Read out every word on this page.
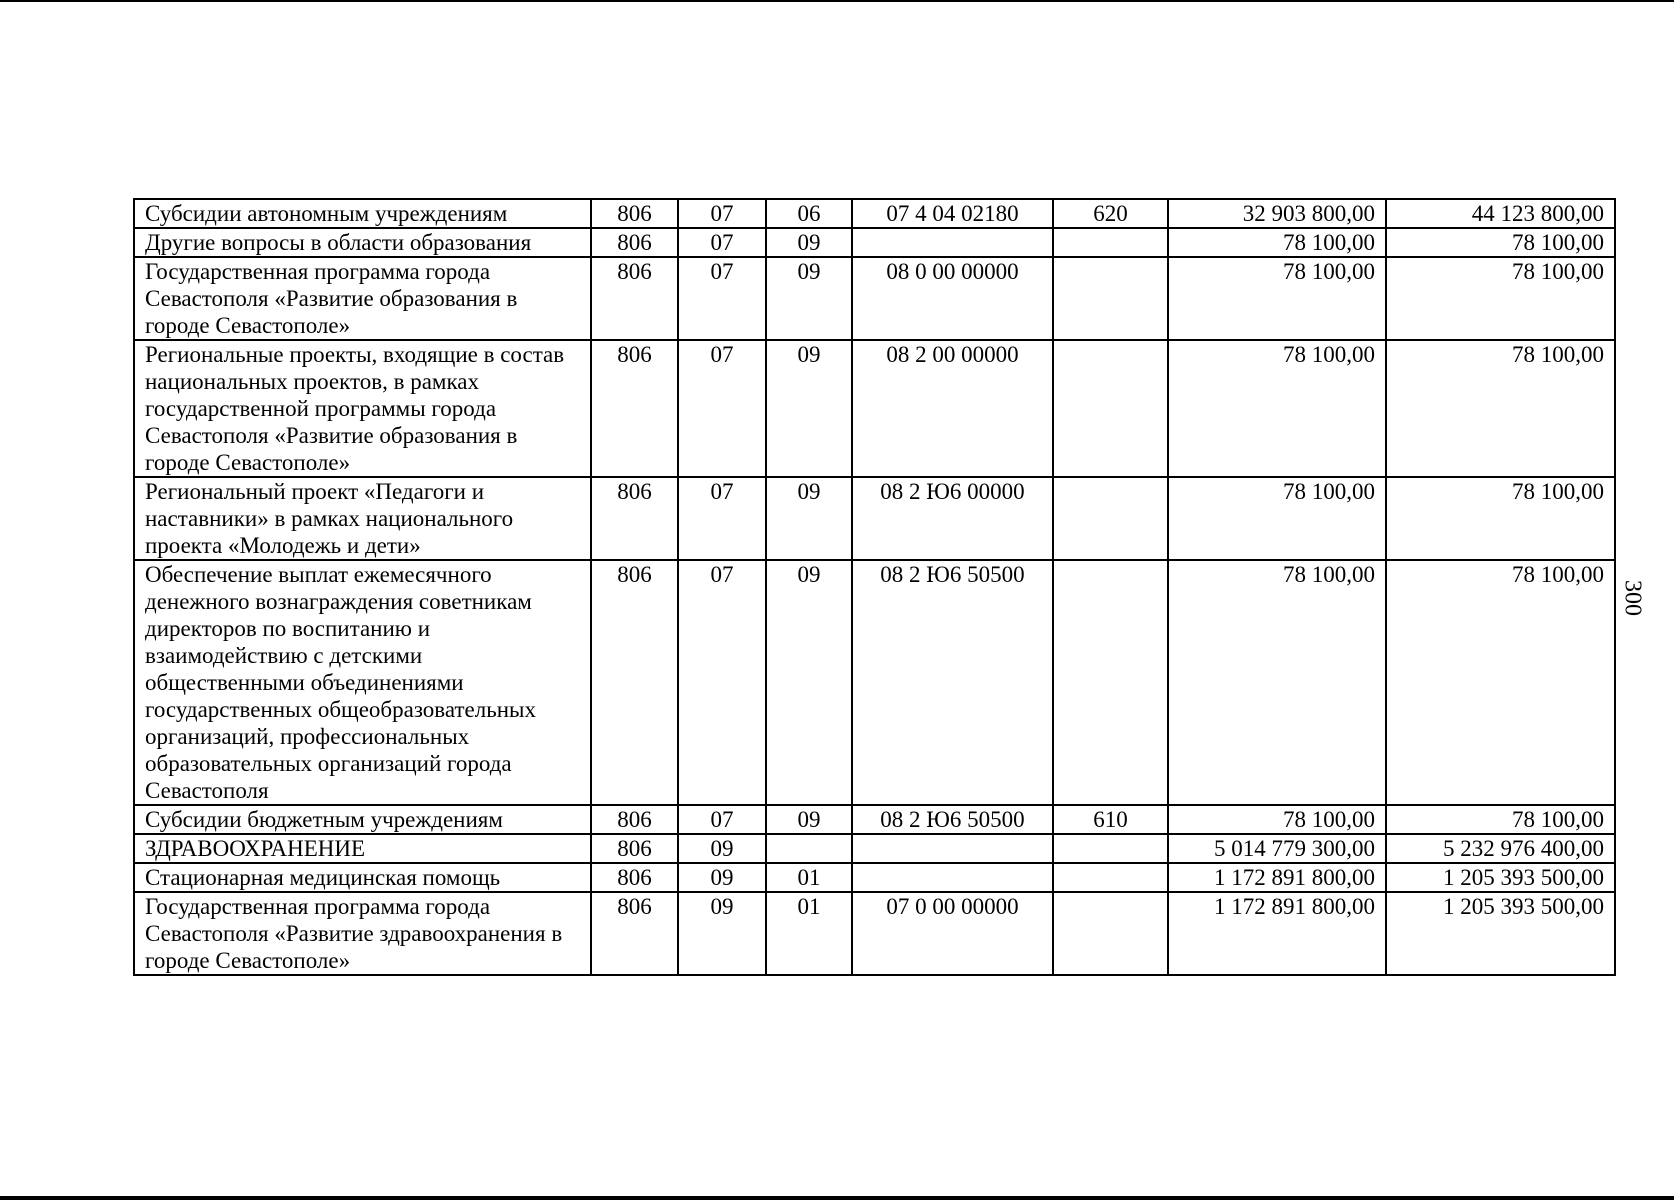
Субсидии автономным учреждениям	806	07	06	07 4 04 02180	620	32 903 800,00	44 123 800,00
Другие вопросы в области образования	806	07	09			78 100,00	78 100,00
Государственная программа города Севастополя «Развитие образования в городе Севастополе»	806	07	09	08 0 00 00000		78 100,00	78 100,00
Региональные проекты, входящие в состав национальных проектов, в рамках государственной программы города Севастополя «Развитие образования в городе Севастополе»	806	07	09	08 2 00 00000		78 100,00	78 100,00
Региональный проект «Педагоги и наставники» в рамках национального проекта «Молодежь и дети»	806	07	09	08 2 Ю6 00000		78 100,00	78 100,00
Обеспечение выплат ежемесячного денежного вознаграждения советникам директоров по воспитанию и взаимодействию с детскими общественными объединениями государственных общеобразовательных организаций, профессиональных образовательных организаций города Севастополя	806	07	09	08 2 Ю6 50500		78 100,00	78 100,00
Субсидии бюджетным учреждениям	806	07	09	08 2 Ю6 50500	610	78 100,00	78 100,00
ЗДРАВООХРАНЕНИЕ	806	09				5 014 779 300,00	5 232 976 400,00
Стационарная медицинская помощь	806	09	01			1 172 891 800,00	1 205 393 500,00
Государственная программа города Севастополя «Развитие здравоохранения в городе Севастополе»	806	09	01	07 0 00 00000		1 172 891 800,00	1 205 393 500,00
300
